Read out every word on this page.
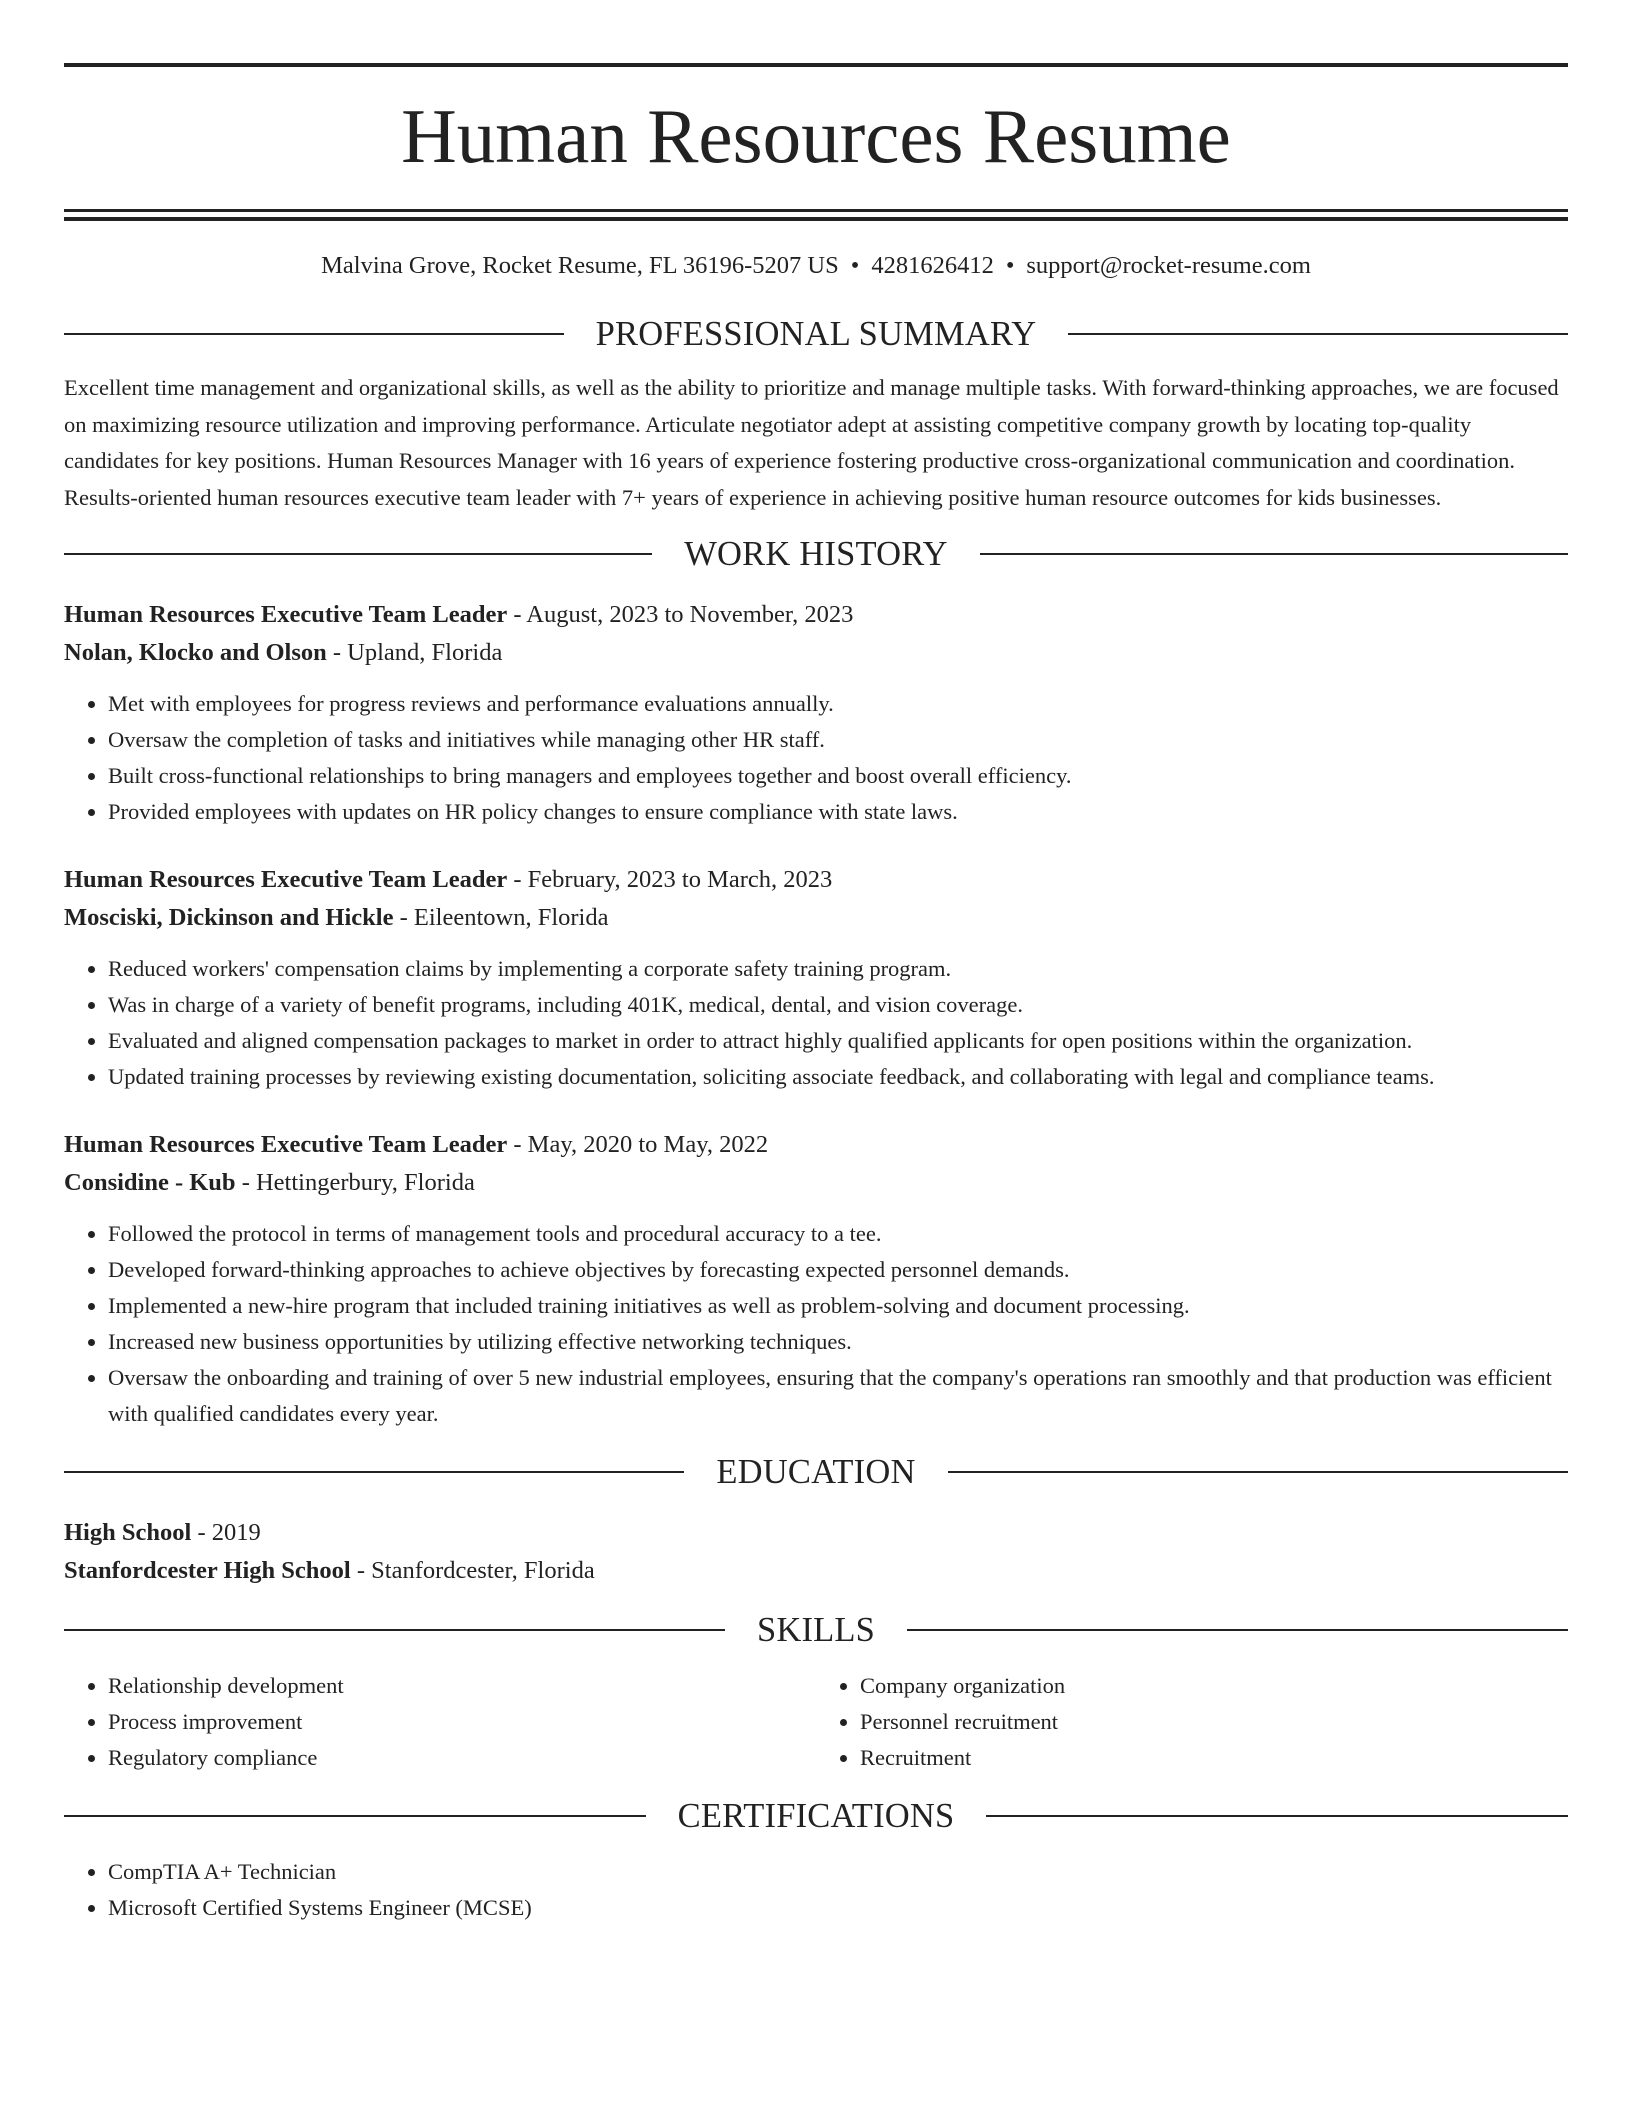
Human Resources Resume
Malvina Grove, Rocket Resume, FL 36196-5207 US • 4281626412 • support@rocket-resume.com
PROFESSIONAL SUMMARY

Excellent time management and organizational skills, as well as the ability to prioritize and manage multiple tasks. With forward-thinking approaches, we are focused on maximizing resource utilization and improving performance. Articulate negotiator adept at assisting competitive company growth by locating top-quality candidates for key positions. Human Resources Manager with 16 years of experience fostering productive cross-organizational communication and coordination. Results-oriented human resources executive team leader with 7+ years of experience in achieving positive human resource outcomes for kids businesses.

WORK HISTORY
Human Resources Executive Team Leader - August, 2023 to November, 2023
Nolan, Klocko and Olson - Upland, Florida
• Met with employees for progress reviews and performance evaluations annually.
• Oversaw the completion of tasks and initiatives while managing other HR staff.
• Built cross-functional relationships to bring managers and employees together and boost overall efficiency.
• Provided employees with updates on HR policy changes to ensure compliance with state laws.
Human Resources Executive Team Leader - February, 2023 to March, 2023
Mosciski, Dickinson and Hickle - Eileentown, Florida
• Reduced workers' compensation claims by implementing a corporate safety training program.
• Was in charge of a variety of benefit programs, including 401K, medical, dental, and vision coverage.
• Evaluated and aligned compensation packages to market in order to attract highly qualified applicants for open positions within the organization.
• Updated training processes by reviewing existing documentation, soliciting associate feedback, and collaborating with legal and compliance teams.
Human Resources Executive Team Leader - May, 2020 to May, 2022
Considine - Kub - Hettingerbury, Florida
• Followed the protocol in terms of management tools and procedural accuracy to a tee.
• Developed forward-thinking approaches to achieve objectives by forecasting expected personnel demands.
• Implemented a new-hire program that included training initiatives as well as problem-solving and document processing.
• Increased new business opportunities by utilizing effective networking techniques.
• Oversaw the onboarding and training of over 5 new industrial employees, ensuring that the company's operations ran smoothly and that production was efficient with qualified candidates every year.
EDUCATION
High School - 2019
Stanfordcester High School - Stanfordcester, Florida
SKILLS
• Relationship development
• Process improvement
• Regulatory compliance
• Company organization
• Personnel recruitment
• Recruitment
CERTIFICATIONS
• CompTIA A+ Technician
• Microsoft Certified Systems Engineer (MCSE)
